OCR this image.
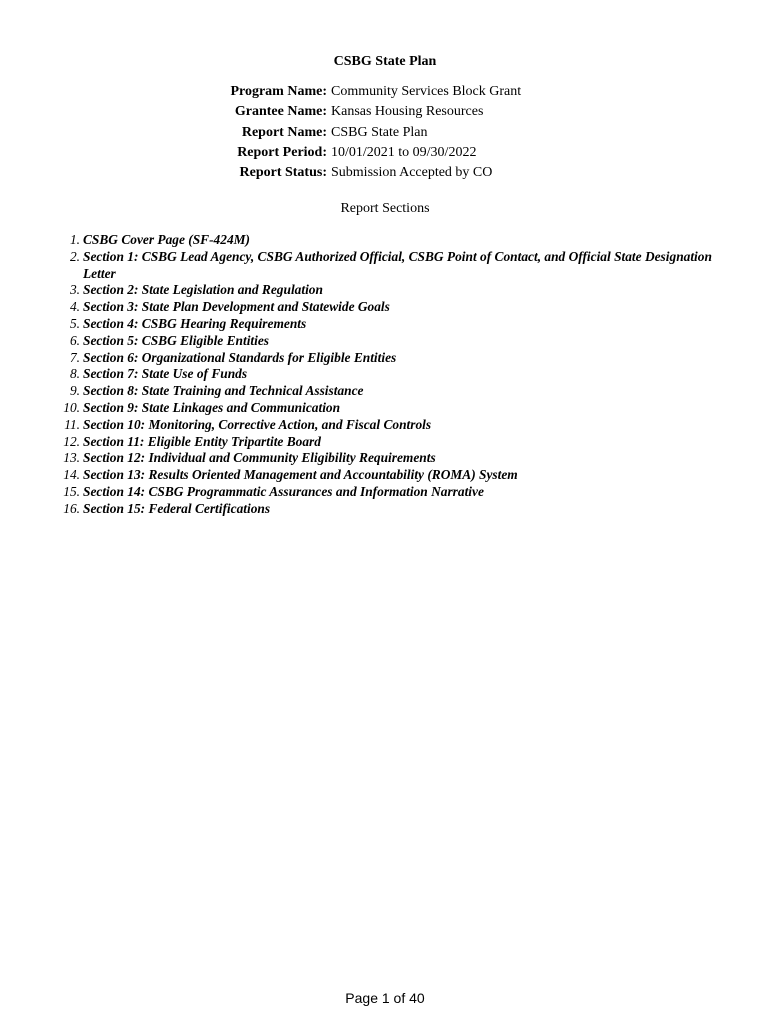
CSBG State Plan
Program Name: Community Services Block Grant
Grantee Name: Kansas Housing Resources
Report Name: CSBG State Plan
Report Period: 10/01/2021 to 09/30/2022
Report Status: Submission Accepted by CO
Report Sections
1. CSBG Cover Page (SF-424M)
2. Section 1: CSBG Lead Agency, CSBG Authorized Official, CSBG Point of Contact, and Official State Designation Letter
3. Section 2: State Legislation and Regulation
4. Section 3: State Plan Development and Statewide Goals
5. Section 4: CSBG Hearing Requirements
6. Section 5: CSBG Eligible Entities
7. Section 6: Organizational Standards for Eligible Entities
8. Section 7: State Use of Funds
9. Section 8: State Training and Technical Assistance
10. Section 9: State Linkages and Communication
11. Section 10: Monitoring, Corrective Action, and Fiscal Controls
12. Section 11: Eligible Entity Tripartite Board
13. Section 12: Individual and Community Eligibility Requirements
14. Section 13: Results Oriented Management and Accountability (ROMA) System
15. Section 14: CSBG Programmatic Assurances and Information Narrative
16. Section 15: Federal Certifications
Page 1 of 40
